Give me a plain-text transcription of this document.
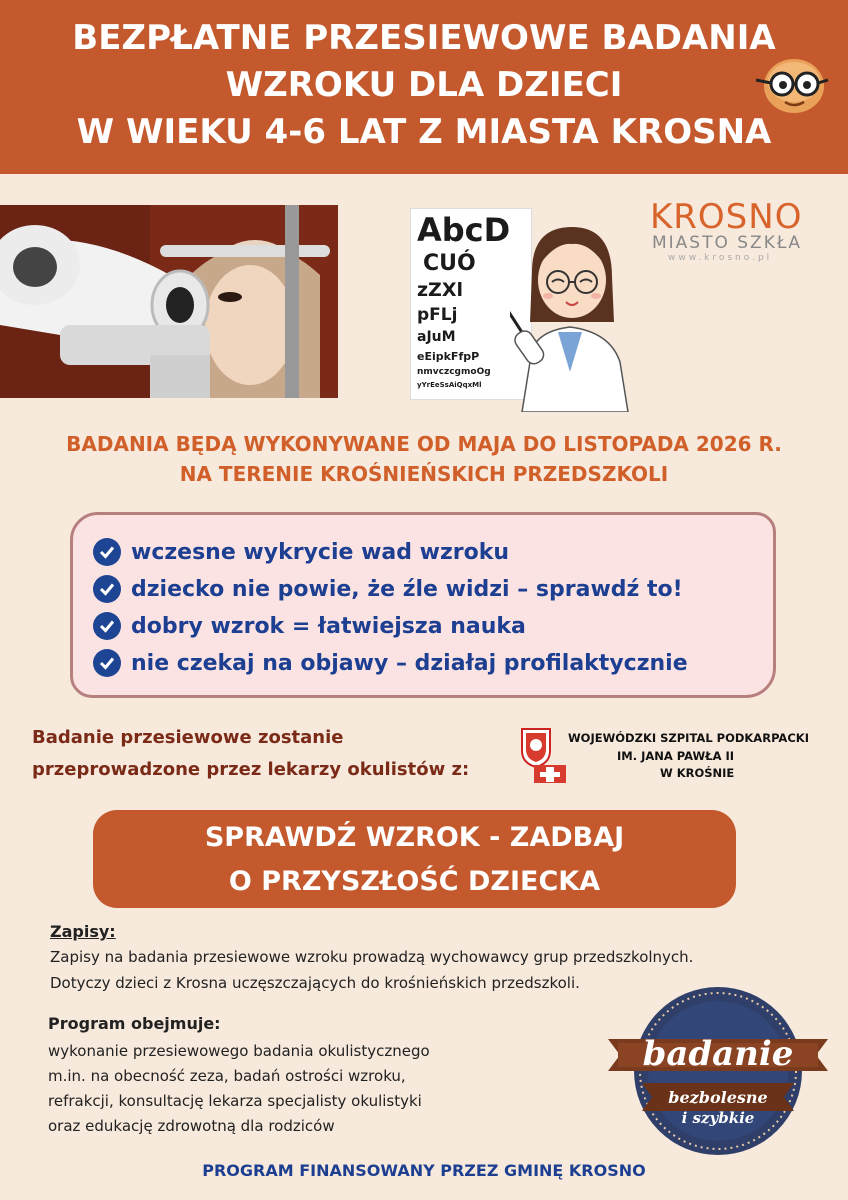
BEZPŁATNE PRZESIEWOWE BADANIA
WZROKU DLA DZIECI
W WIEKU 4-6 LAT Z MIASTA KROSNA
AbcD
CUÓ
zZXl
pFLj
aJuM
eEipkFfpP
nmvczcgmoOg
yYrEeSsAiQqxMl
KROSNO
MIASTO SZKŁA
www.krosno.pl
BADANIA BĘDĄ WYKONYWANE OD MAJA DO LISTOPADA 2026 R.
NA TERENIE KROŚNIEŃSKICH PRZEDSZKOLI
wczesne wykrycie wad wzroku
dziecko nie powie, że źle widzi – sprawdź to!
dobry wzrok = łatwiejsza nauka
nie czekaj na objawy – działaj profilaktycznie
Badanie przesiewowe zostanie
przeprowadzone przez lekarzy okulistów z:
WOJEWÓDZKI SZPITAL PODKARPACKI
IM. JANA PAWŁA II
W KROŚNIE
SPRAWDŹ WZROK - ZADBAJ
O PRZYSZŁOŚĆ DZIECKA
Zapisy:
Zapisy na badania przesiewowe wzroku prowadzą wychowawcy grup przedszkolnych.
Dotyczy dzieci z Krosna uczęszczających do krośnieńskich przedszkoli.
Program obejmuje:
wykonanie przesiewowego badania okulistycznego
m.in. na obecność zeza, badań ostrości wzroku,
refrakcji, konsultację lekarza specjalisty okulistyki
oraz edukację zdrowotną dla rodziców
badanie
bezbolesne
i szybkie
PROGRAM FINANSOWANY PRZEZ GMINĘ KROSNO
